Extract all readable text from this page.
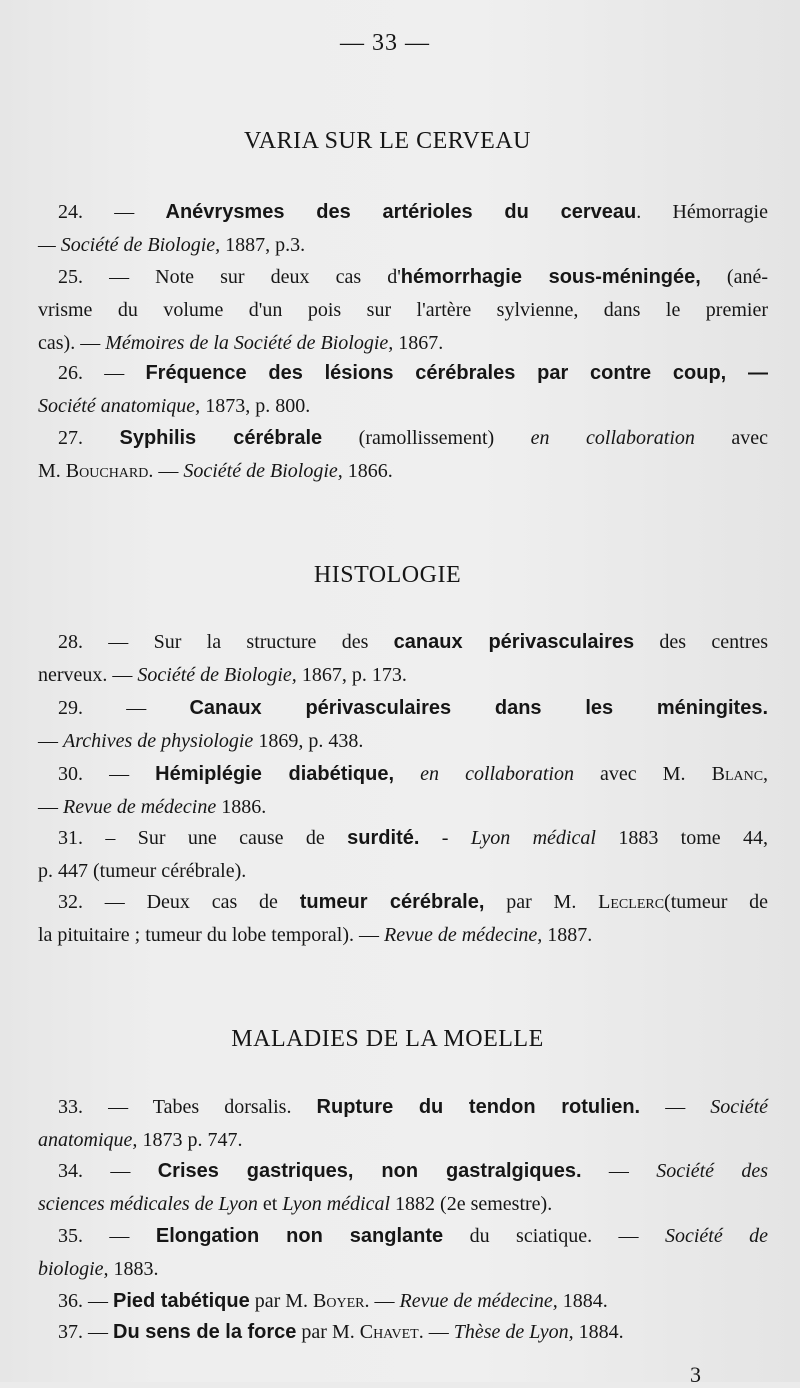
— 33 —
VARIA SUR LE CERVEAU
24. — Anévrysmes des artérioles du cerveau. Hémorragie
— Société de Biologie, 1887, p.3.
25. — Note sur deux cas d'hémorrhagie sous-méningée, (ané-
vrisme du volume d'un pois sur l'artère sylvienne, dans le premier
cas). — Mémoires de la Société de Biologie, 1867.
26. — Fréquence des lésions cérébrales par contre coup, —
Société anatomique, 1873, p. 800.
27. Syphilis cérébrale (ramollissement) en collaboration avec
M. Bouchard. — Société de Biologie, 1866.
HISTOLOGIE
28. — Sur la structure des canaux périvasculaires des centres
nerveux. — Société de Biologie, 1867, p. 173.
29. — Canaux périvasculaires dans les méningites.
— Archives de physiologie 1869, p. 438.
30. — Hémiplégie diabétique, en collaboration avec M. Blanc,
— Revue de médecine 1886.
31. – Sur une cause de surdité. - Lyon médical 1883 tome 44,
p. 447 (tumeur cérébrale).
32. — Deux cas de tumeur cérébrale, par M. Leclerc(tumeur de
la pituitaire ; tumeur du lobe temporal). — Revue de médecine, 1887.
MALADIES DE LA MOELLE
33. — Tabes dorsalis. Rupture du tendon rotulien. — Société
anatomique, 1873 p. 747.
34. — Crises gastriques, non gastralgiques. — Société des
sciences médicales de Lyon et Lyon médical 1882 (2e semestre).
35. — Elongation non sanglante du sciatique. — Société de
biologie, 1883.
36. — Pied tabétique par M. Boyer. — Revue de médecine, 1884.
37. — Du sens de la force par M. Chavet. — Thèse de Lyon, 1884.
3
